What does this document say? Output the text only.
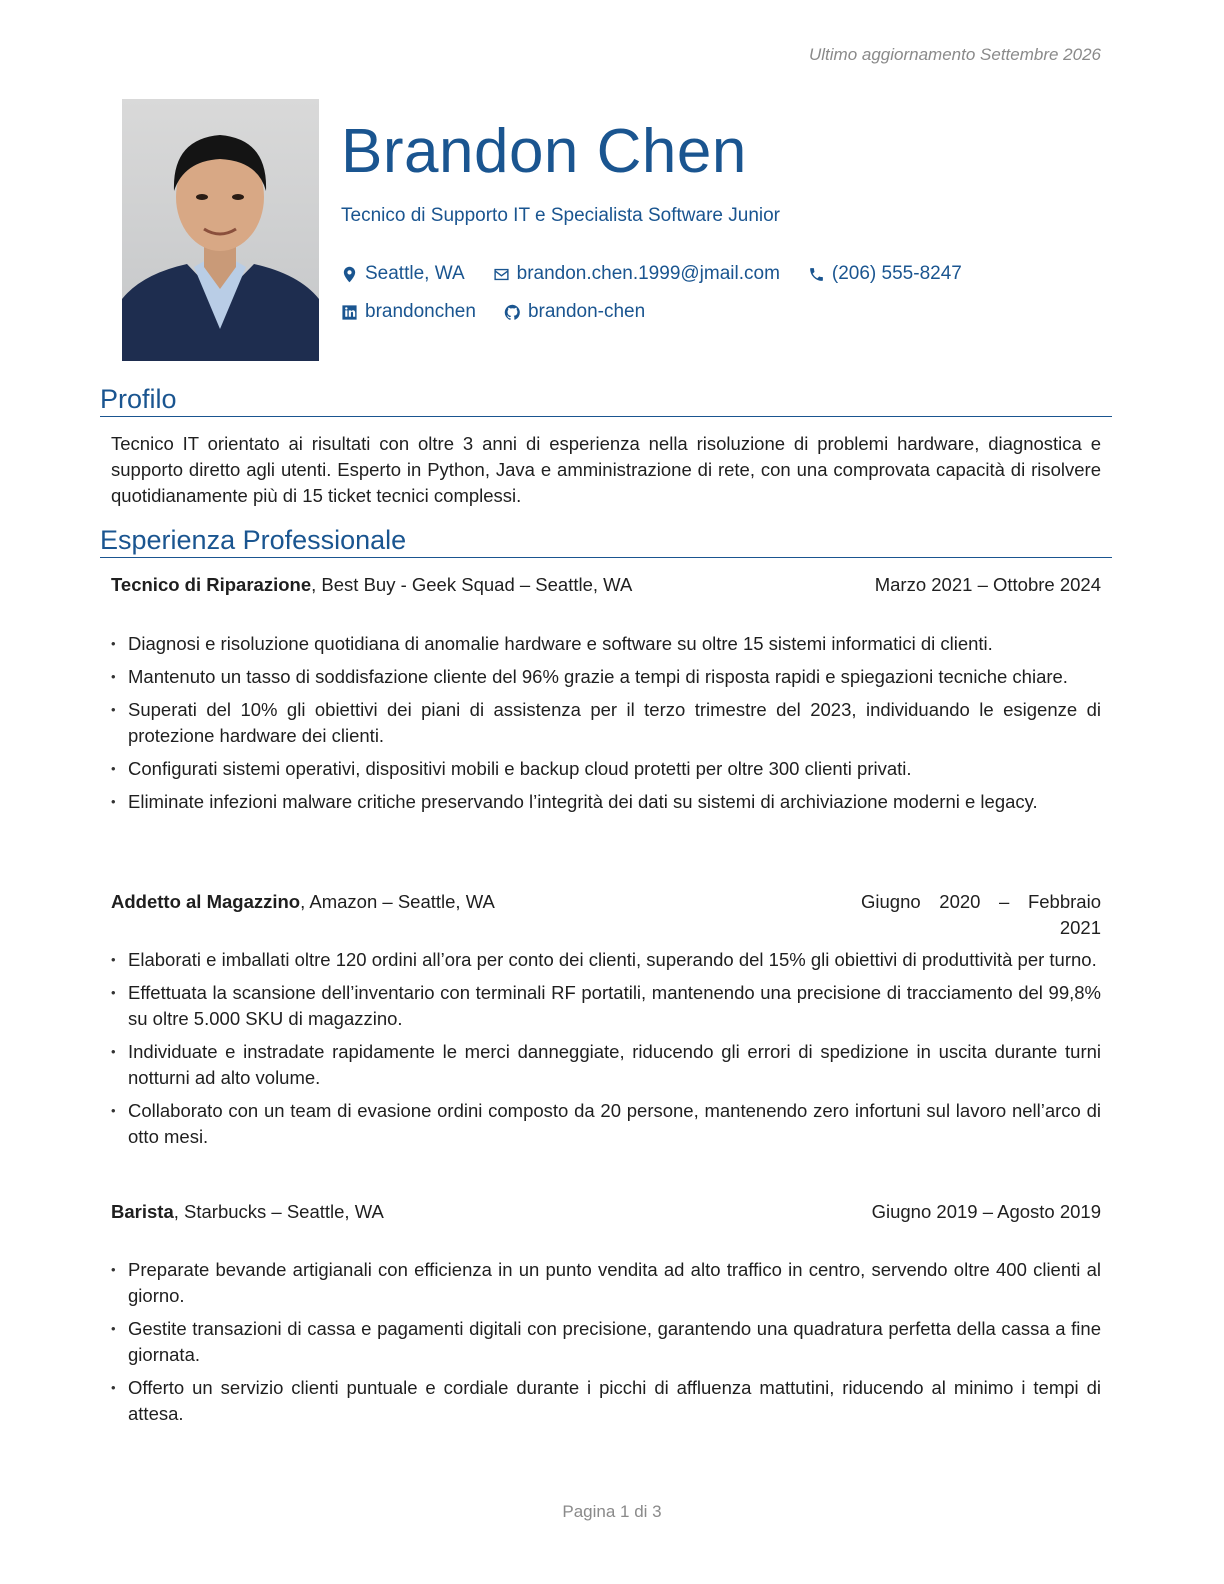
Ultimo aggiornamento Settembre 2026
Brandon Chen
Tecnico di Supporto IT e Specialista Software Junior
Seattle, WA	brandon.chen.1999@jmail.com	(206) 555-8247
brandonchen	brandon-chen
Profilo
Tecnico IT orientato ai risultati con oltre 3 anni di esperienza nella risoluzione di problemi hardware, diagnostica e supporto diretto agli utenti. Esperto in Python, Java e amministrazione di rete, con una comprovata capacità di risolvere quotidianamente più di 15 ticket tecnici complessi.
Esperienza Professionale
Tecnico di Riparazione, Best Buy - Geek Squad – Seattle, WA	Marzo 2021 – Ottobre 2024
• Diagnosi e risoluzione quotidiana di anomalie hardware e software su oltre 15 sistemi informatici di clienti.
• Mantenuto un tasso di soddisfazione cliente del 96% grazie a tempi di risposta rapidi e spiegazioni tecniche chiare.
• Superati del 10% gli obiettivi dei piani di assistenza per il terzo trimestre del 2023, individuando le esigenze di protezione hardware dei clienti.
• Configurati sistemi operativi, dispositivi mobili e backup cloud protetti per oltre 300 clienti privati.
• Eliminate infezioni malware critiche preservando l’integrità dei dati su sistemi di archiviazione moderni e legacy.
Addetto al Magazzino, Amazon – Seattle, WA	Giugno 2020 – Febbraio 2021
• Elaborati e imballati oltre 120 ordini all’ora per conto dei clienti, superando del 15% gli obiettivi di produttività per turno.
• Effettuata la scansione dell’inventario con terminali RF portatili, mantenendo una precisione di tracciamento del 99,8% su oltre 5.000 SKU di magazzino.
• Individuate e instradate rapidamente le merci danneggiate, riducendo gli errori di spedizione in uscita durante turni notturni ad alto volume.
• Collaborato con un team di evasione ordini composto da 20 persone, mantenendo zero infortuni sul lavoro nell’arco di otto mesi.
Barista, Starbucks – Seattle, WA	Giugno 2019 – Agosto 2019
• Preparate bevande artigianali con efficienza in un punto vendita ad alto traffico in centro, servendo oltre 400 clienti al giorno.
• Gestite transazioni di cassa e pagamenti digitali con precisione, garantendo una quadratura perfetta della cassa a fine giornata.
• Offerto un servizio clienti puntuale e cordiale durante i picchi di affluenza mattutini, riducendo al minimo i tempi di attesa.
Pagina 1 di 3
